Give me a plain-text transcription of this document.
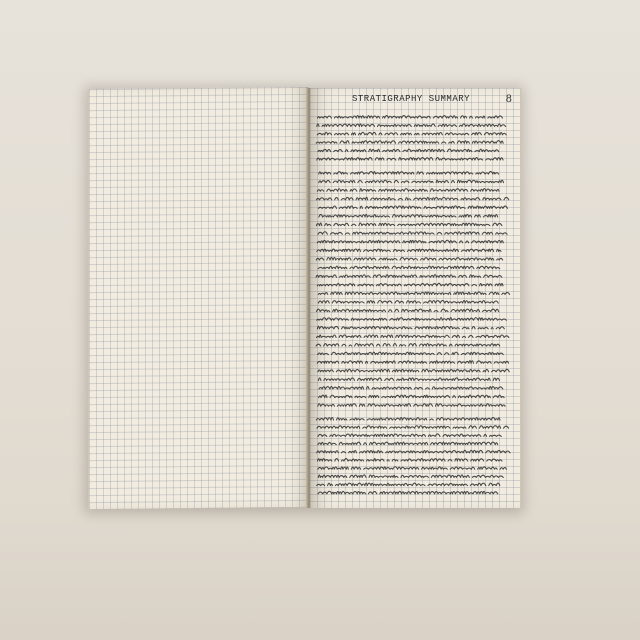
STRATIGRAPHY SUMMARY	8
